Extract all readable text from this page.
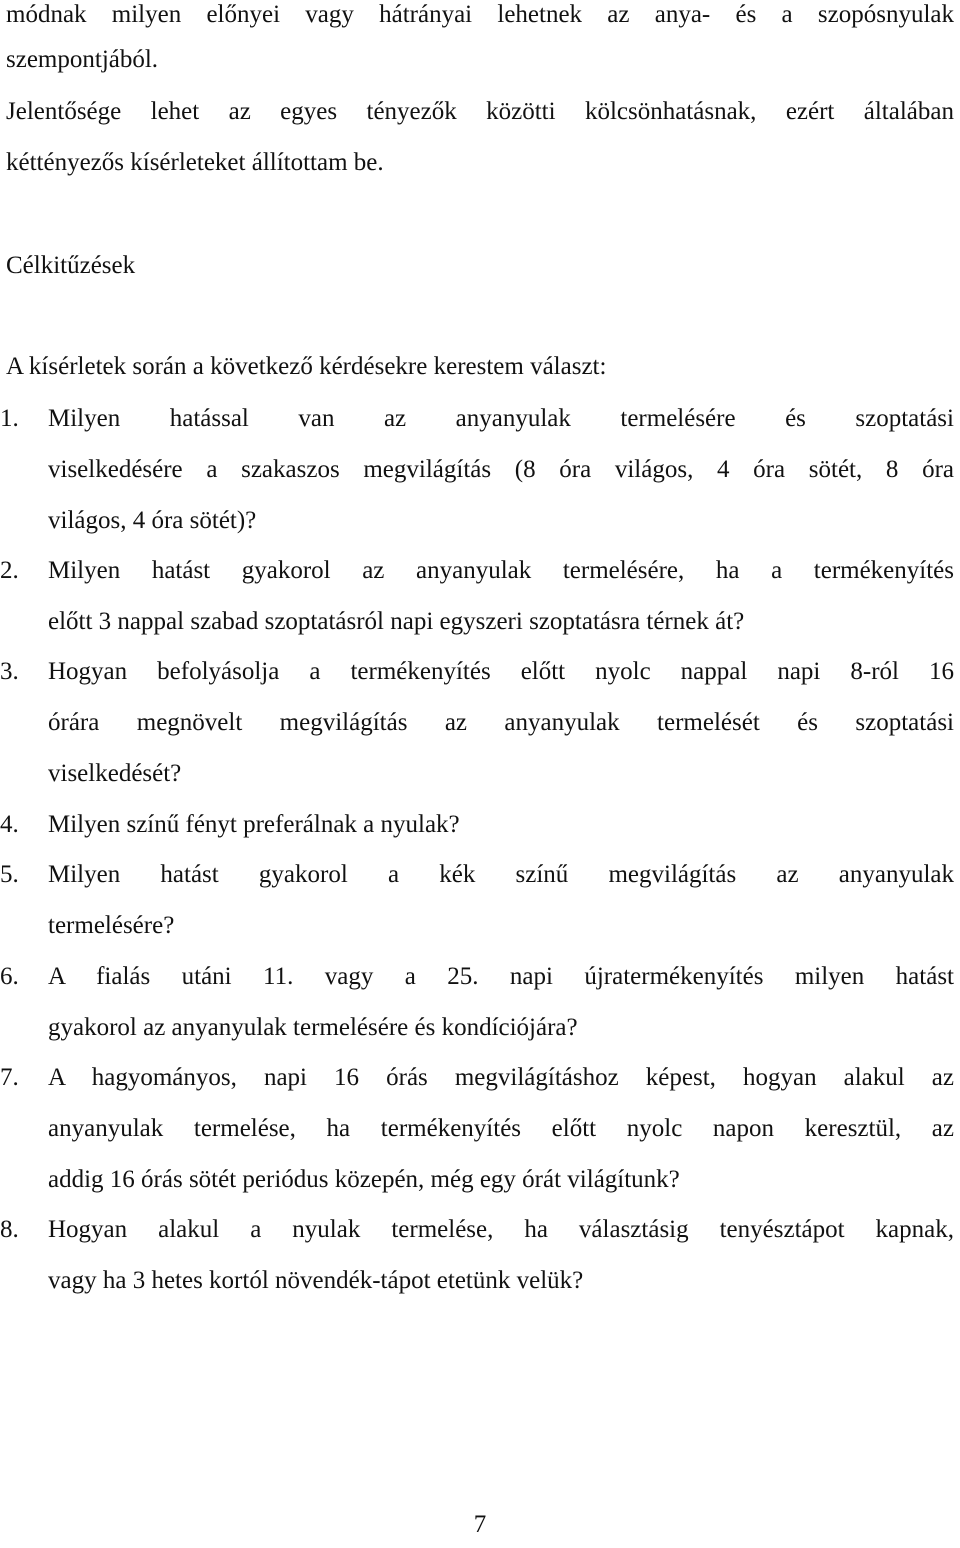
módnak milyen előnyei vagy hátrányai lehetnek az anya- és a szopósnyulak
szempontjából.
Jelentősége lehet az egyes tényezők közötti kölcsönhatásnak, ezért általában
kéttényezős kísérleteket állítottam be.
Célkitűzések
A kísérletek során a következő kérdésekre kerestem választ:
1.	Milyen hatással van az anyanyulak termelésére és szoptatási
viselkedésére a szakaszos megvilágítás (8 óra világos, 4 óra sötét, 8 óra
világos, 4 óra sötét)?
2.	Milyen hatást gyakorol az anyanyulak termelésére, ha a termékenyítés
előtt 3 nappal szabad szoptatásról napi egyszeri szoptatásra térnek át?
3.	Hogyan befolyásolja a termékenyítés előtt nyolc nappal napi 8-ról 16
órára megnövelt megvilágítás az anyanyulak termelését és szoptatási
viselkedését?
4.	Milyen színű fényt preferálnak a nyulak?
5.	Milyen hatást gyakorol a kék színű megvilágítás az anyanyulak
termelésére?
6.	A fialás utáni 11. vagy a 25. napi újratermékenyítés milyen hatást
gyakorol az anyanyulak termelésére és kondíciójára?
7.	A hagyományos, napi 16 órás megvilágításhoz képest, hogyan alakul az
anyanyulak termelése, ha termékenyítés előtt nyolc napon keresztül, az
addig 16 órás sötét periódus közepén, még egy órát világítunk?
8.	Hogyan alakul a nyulak termelése, ha választásig tenyésztápot kapnak,
vagy ha 3 hetes kortól növendék-tápot etetünk velük?
7
